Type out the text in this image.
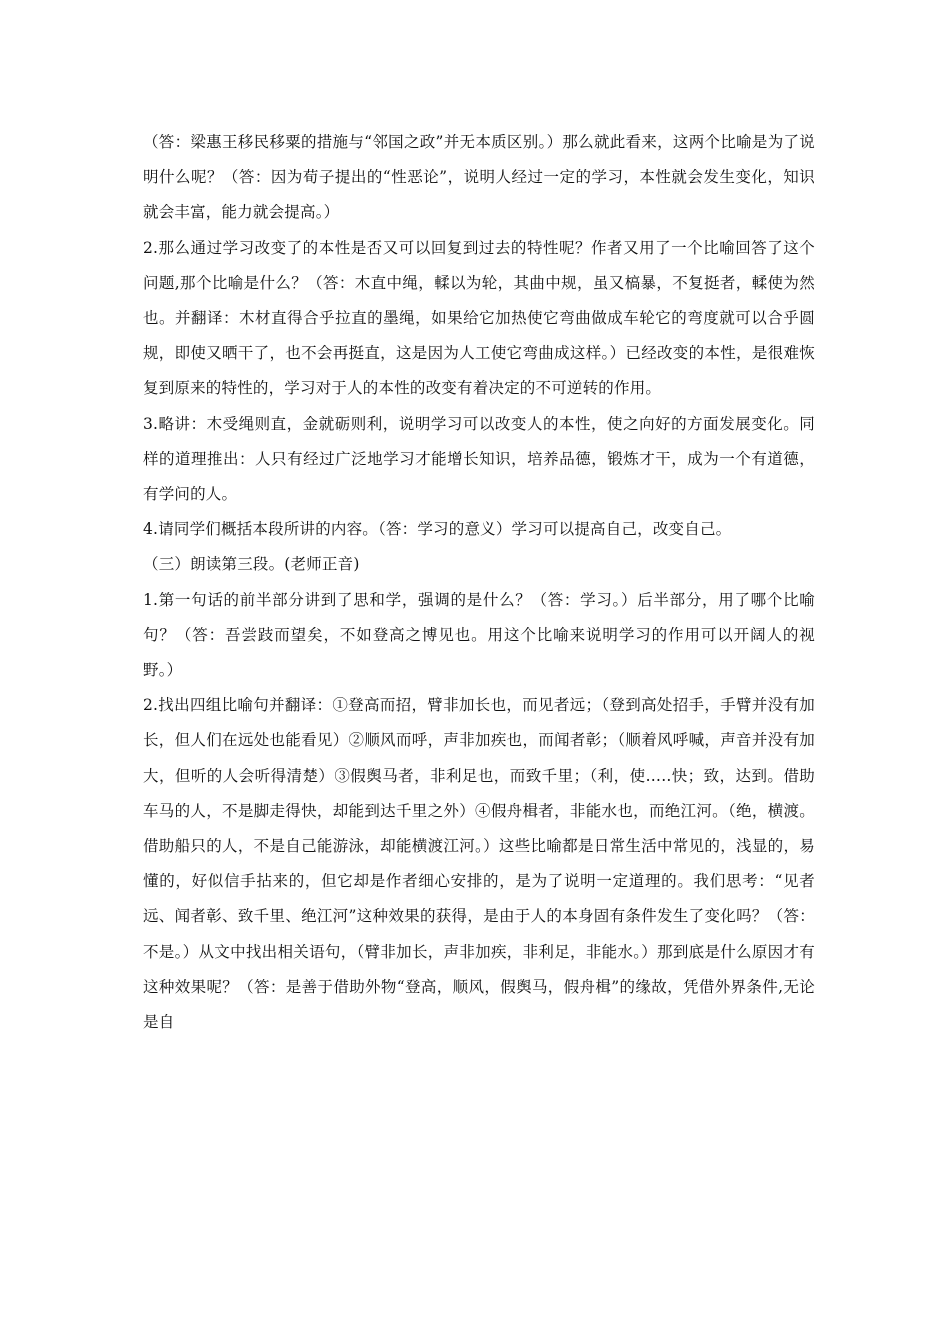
（答：梁惠王移民移粟的措施与“邻国之政”并无本质区别。）那么就此看来，这两个比喻是为了说明什么呢？（答：因为荀子提出的“性恶论”，说明人经过一定的学习，本性就会发生变化，知识就会丰富，能力就会提高。）

2.那么通过学习改变了的本性是否又可以回复到过去的特性呢？作者又用了一个比喻回答了这个问题,那个比喻是什么？（答：木直中绳，輮以为轮，其曲中规，虽又槁暴，不复挺者，輮使为然也。并翻译：木材直得合乎拉直的墨绳，如果给它加热使它弯曲做成车轮它的弯度就可以合乎圆规，即使又晒干了，也不会再挺直，这是因为人工使它弯曲成这样。）已经改变的本性，是很难恢复到原来的特性的，学习对于人的本性的改变有着决定的不可逆转的作用。

3.略讲：木受绳则直，金就砺则利，说明学习可以改变人的本性，使之向好的方面发展变化。同样的道理推出：人只有经过广泛地学习才能增长知识，培养品德，锻炼才干，成为一个有道德，有学问的人。

4.请同学们概括本段所讲的内容。（答：学习的意义）学习可以提高自己，改变自己。

（三）朗读第三段。(老师正音)

1.第一句话的前半部分讲到了思和学，强调的是什么？（答：学习。）后半部分，用了哪个比喻句？（答：吾尝跂而望矣，不如登高之博见也。用这个比喻来说明学习的作用可以开阔人的视野。）

2.找出四组比喻句并翻译：①登高而招，臂非加长也，而见者远；（登到高处招手，手臂并没有加长，但人们在远处也能看见）②顺风而呼，声非加疾也，而闻者彰；（顺着风呼喊，声音并没有加大，但听的人会听得清楚）③假舆马者，非利足也，而致千里；（利，使…..快；致，达到。借助车马的人，不是脚走得快，却能到达千里之外）④假舟楫者，非能水也，而绝江河。（绝，横渡。借助船只的人，不是自己能游泳，却能横渡江河。）这些比喻都是日常生活中常见的，浅显的，易懂的，好似信手拈来的，但它却是作者细心安排的，是为了说明一定道理的。我们思考：“见者远、闻者彰、致千里、绝江河”这种效果的获得，是由于人的本身固有条件发生了变化吗？（答：不是。）从文中找出相关语句，（臂非加长，声非加疾，非利足，非能水。）那到底是什么原因才有这种效果呢？（答：是善于借助外物“登高，顺风，假舆马，假舟楫”的缘故，凭借外界条件,无论是自
